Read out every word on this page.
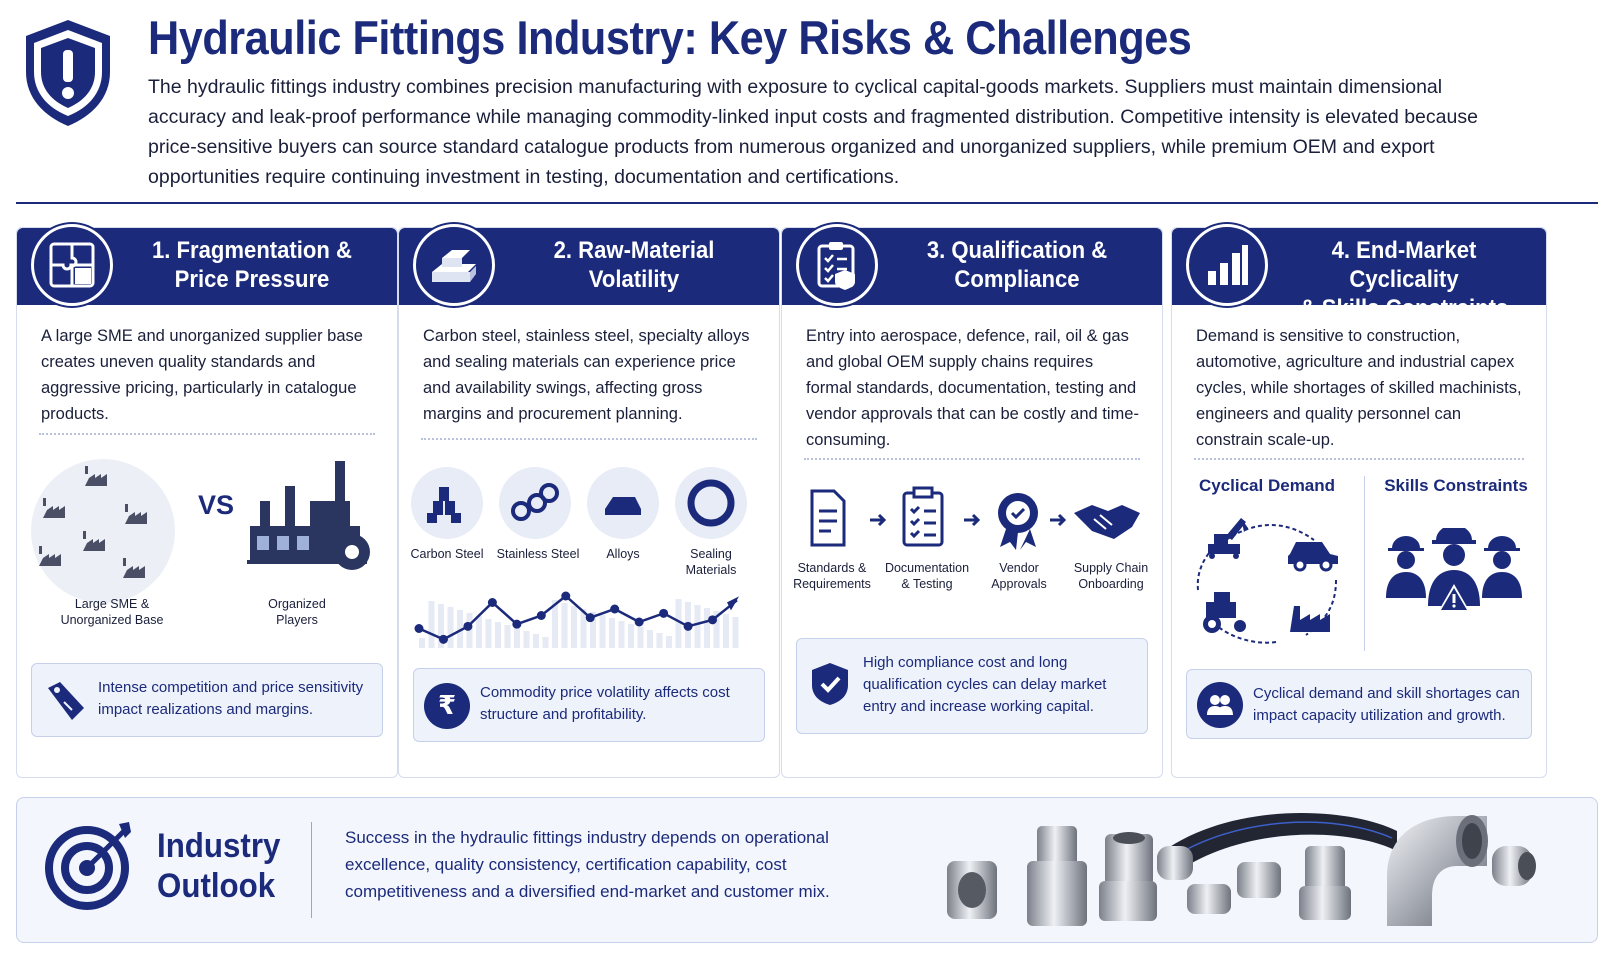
Hydraulic Fittings Industry: Key Risks & Challenges
The hydraulic fittings industry combines precision manufacturing with exposure to cyclical capital-goods markets. Suppliers must maintain dimensional accuracy and leak-proof performance while managing commodity-linked input costs and fragmented distribution. Competitive intensity is elevated because price-sensitive buyers can source standard catalogue products from numerous organized and unorganized suppliers, while premium OEM and export opportunities require continuing investment in testing, documentation and certifications.
1. Fragmentation &
Price Pressure
A large SME and unorganized supplier base creates uneven quality standards and aggressive pricing, particularly in catalogue products.
VS
Large SME &
Unorganized Base
Organized
Players
Intense competition and price sensitivity impact realizations and margins.
2. Raw-Material
Volatility
Carbon steel, stainless steel, specialty alloys and sealing materials can experience price and availability swings, affecting gross margins and procurement planning.
Carbon Steel Stainless Steel	Alloys	Sealing
Materials
₹ Commodity price volatility affects cost structure and profitability.
3. Qualification &
Compliance
Entry into aerospace, defence, rail, oil & gas and global OEM supply chains requires formal standards, documentation, testing and vendor approvals that can be costly and time-consuming.
Standards &
Requirements
Documentation
& Testing
Vendor
Approvals
Supply Chain
Onboarding
High compliance cost and long qualification cycles can delay market entry and increase working capital.
4. End-Market Cyclicality
& Skills Constraints
Demand is sensitive to construction, automotive, agriculture and industrial capex cycles, while shortages of skilled machinists, engineers and quality personnel can constrain scale-up.
Cyclical Demand	Skills Constraints
Cyclical demand and skill shortages can impact capacity utilization and growth.
Industry
Outlook
Success in the hydraulic fittings industry depends on operational excellence, quality consistency, certification capability, cost competitiveness and a diversified end-market and customer mix.
